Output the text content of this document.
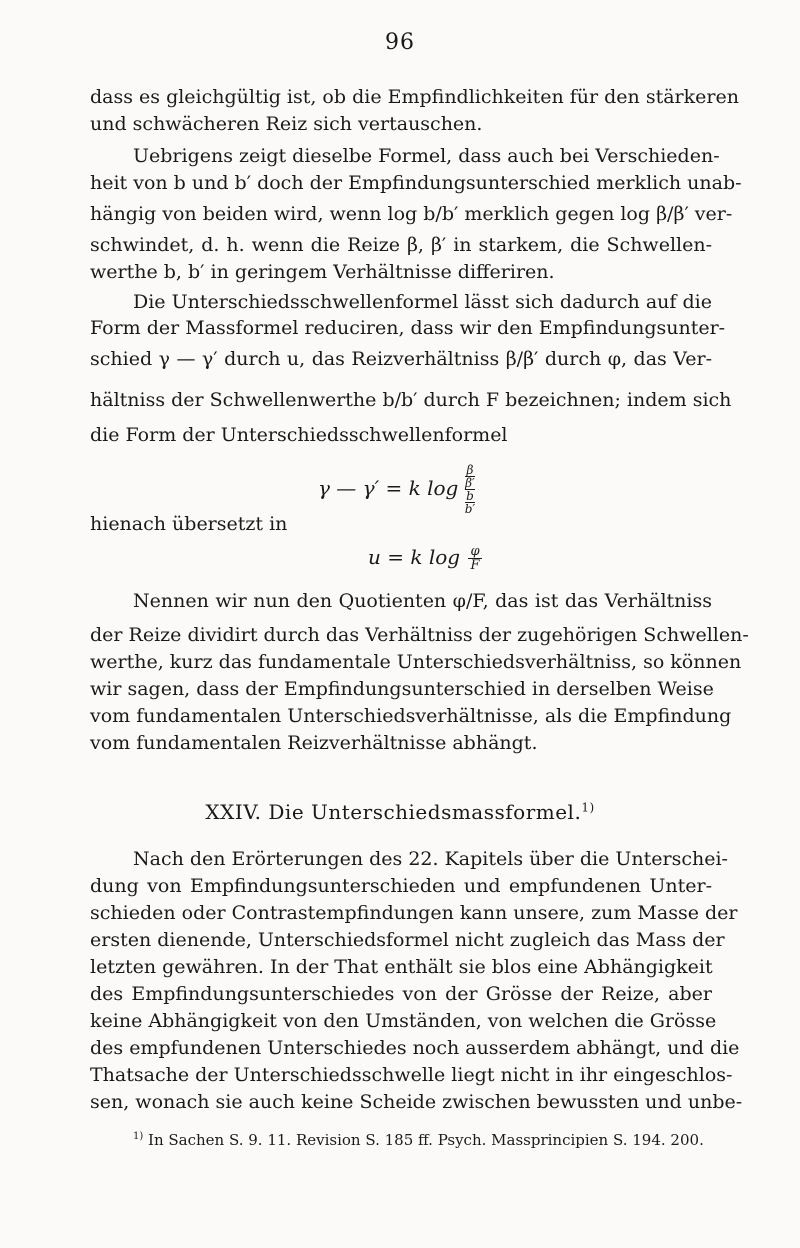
96
dass es gleichgültig ist, ob die Empfindlichkeiten für den stärkeren
und schwächeren Reiz sich vertauschen.
Uebrigens zeigt dieselbe Formel, dass auch bei Verschieden-
heit von b und b′ doch der Empfindungsunterschied merklich unab-
hängig von beiden wird, wenn log b/b′ merklich gegen log β/β′ ver-
schwindet, d. h. wenn die Reize β, β′ in starkem, die Schwellen-
werthe b, b′ in geringem Verhältnisse differiren.
Die Unterschiedsschwellenformel lässt sich dadurch auf die
Form der Massformel reduciren, dass wir den Empfindungsunter-
schied γ — γ′ durch u, das Reizverhältniss β/β′ durch φ, das Ver-
hältniss der Schwellenwerthe b/b′ durch F bezeichnen; indem sich
die Form der Unterschiedsschwellenformel
γ — γ′ = k log β
β′
b
b′
hienach übersetzt in
u = k $\log \frac{\varphi}{F}$
Nennen wir nun den Quotienten φ/F, das ist das Verhältniss
der Reize dividirt durch das Verhältniss der zugehörigen Schwellen-
werthe, kurz das fundamentale Unterschiedsverhältniss, so können
wir sagen, dass der Empfindungsunterschied in derselben Weise
vom fundamentalen Unterschiedsverhältnisse, als die Empfindung
vom fundamentalen Reizverhältnisse abhängt.
XXIV. Die Unterschiedsmassformel.$^{1)}$
Nach den Erörterungen des 22. Kapitels über die Unterschei-
dung von Empfindungsunterschieden und empfundenen Unter-
schieden oder Contrastempfindungen kann unsere, zum Masse der
ersten dienende, Unterschiedsformel nicht zugleich das Mass der
letzten gewähren. In der That enthält sie blos eine Abhängigkeit
des Empfindungsunterschiedes von der Grösse der Reize, aber
keine Abhängigkeit von den Umständen, von welchen die Grösse
des empfundenen Unterschiedes noch ausserdem abhängt, und die
Thatsache der Unterschiedsschwelle liegt nicht in ihr eingeschlos-
sen, wonach sie auch keine Scheide zwischen bewussten und unbe-
$^{1)}$ In Sachen S. 9. 11. Revision S. 185 ff. Psych. Massprincipien S. 194. 200.
